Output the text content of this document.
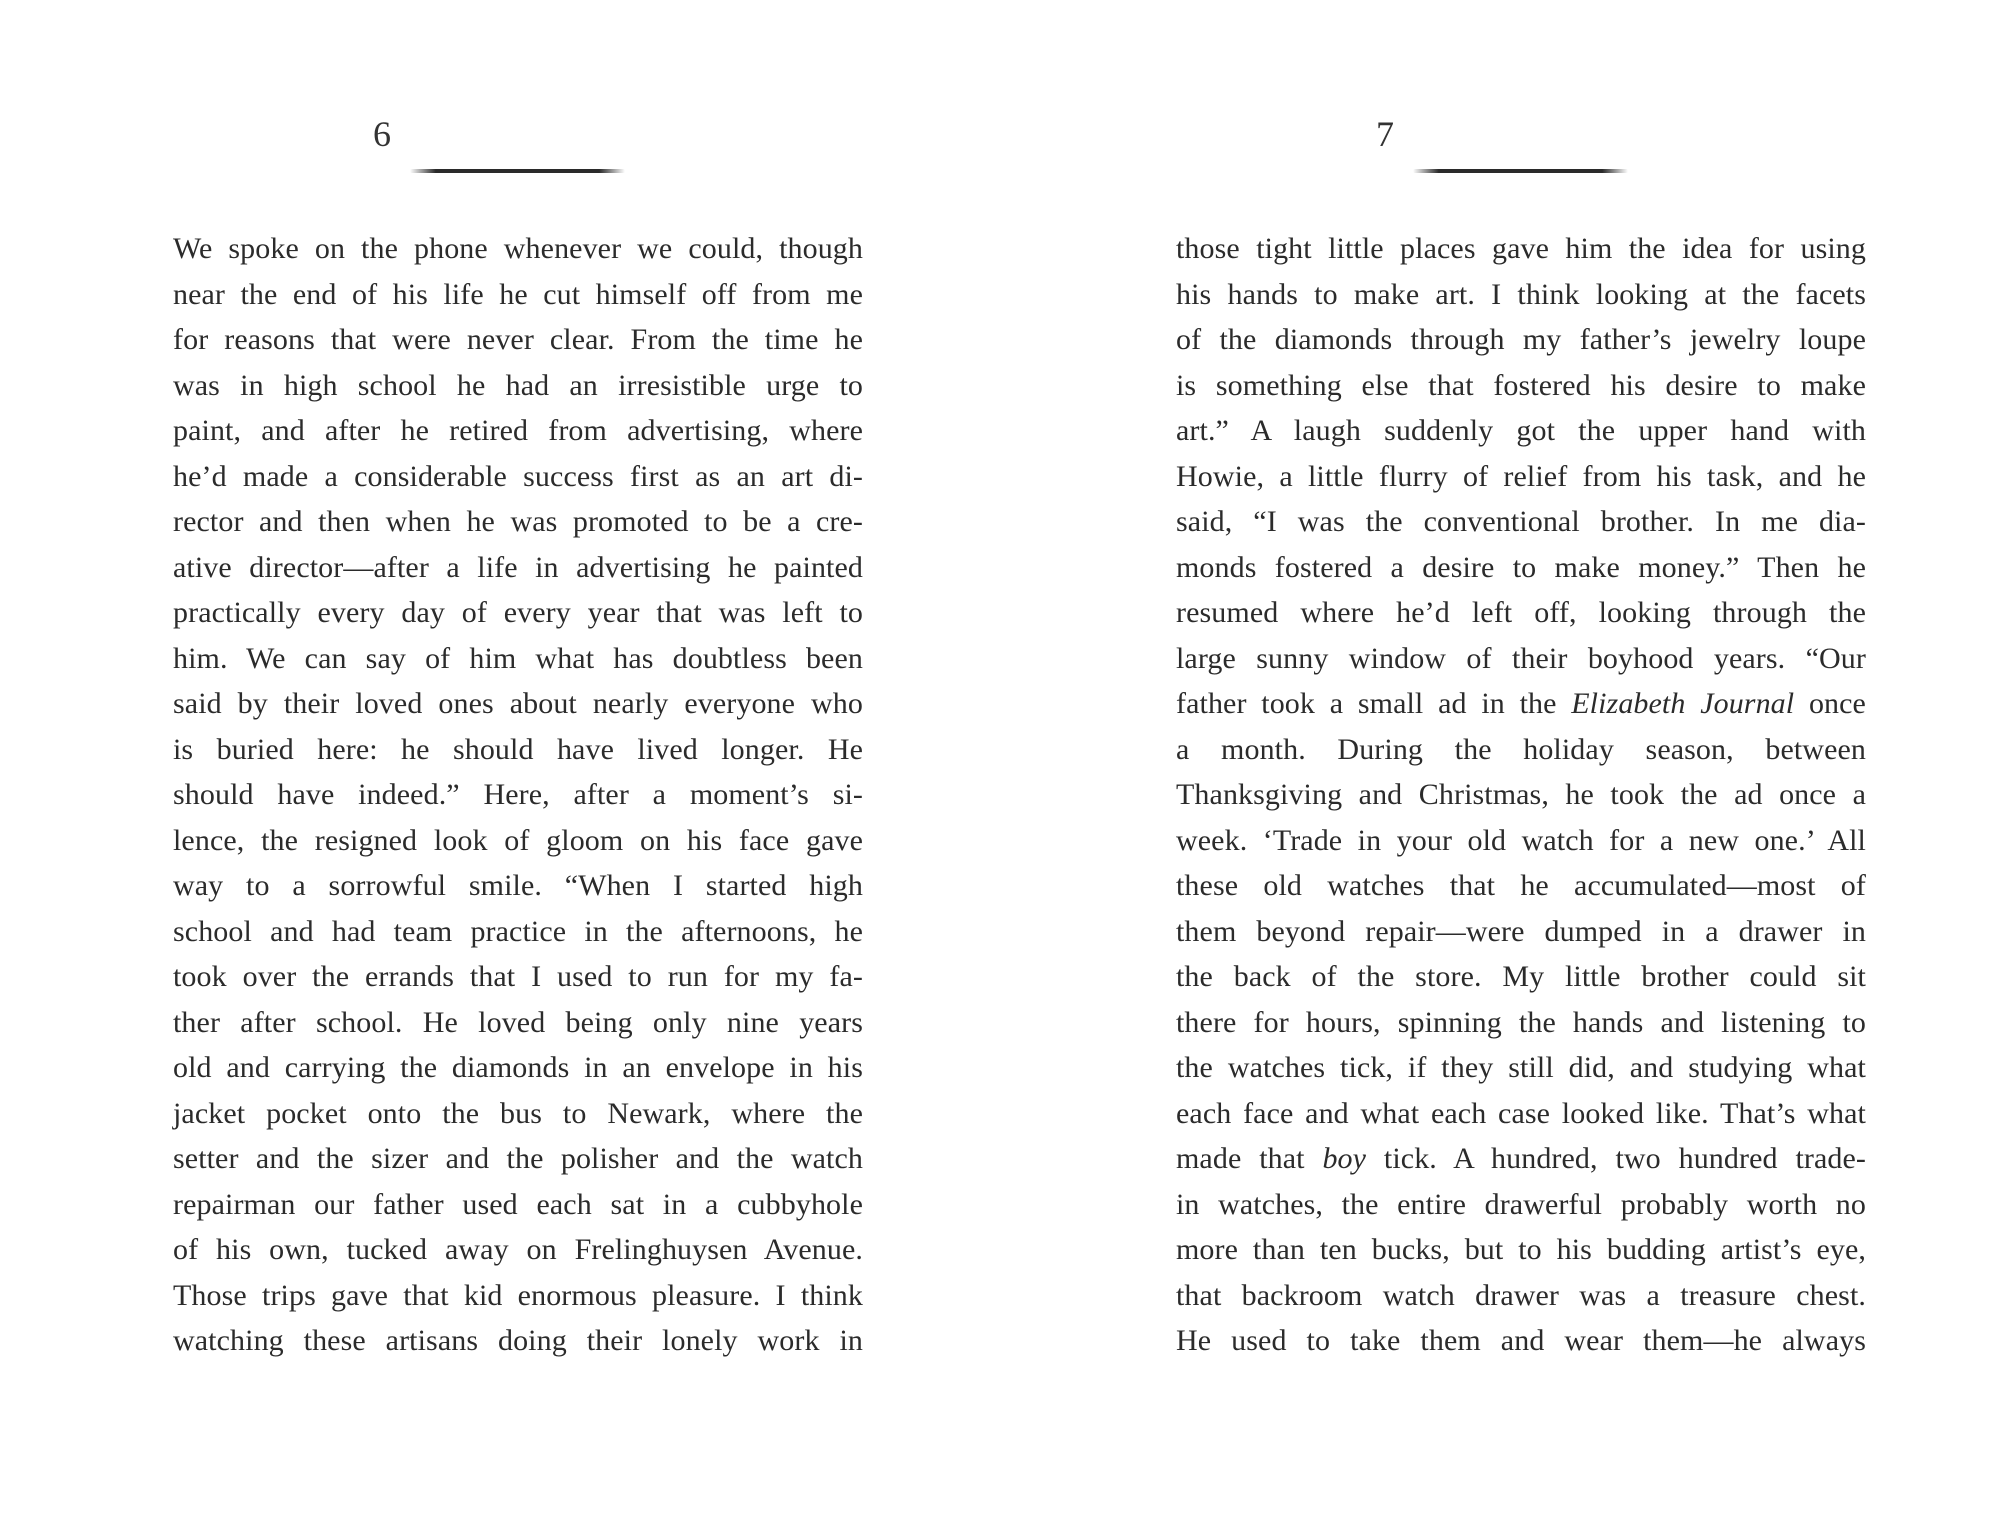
6
We spoke on the phone whenever we could, though
near the end of his life he cut himself off from me
for reasons that were never clear. From the time he
was in high school he had an irresistible urge to
paint, and after he retired from advertising, where
he’d made a considerable success first as an art di-
rector and then when he was promoted to be a cre-
ative director—after a life in advertising he painted
practically every day of every year that was left to
him. We can say of him what has doubtless been
said by their loved ones about nearly everyone who
is buried here: he should have lived longer. He
should have indeed.” Here, after a moment’s si-
lence, the resigned look of gloom on his face gave
way to a sorrowful smile. “When I started high
school and had team practice in the afternoons, he
took over the errands that I used to run for my fa-
ther after school. He loved being only nine years
old and carrying the diamonds in an envelope in his
jacket pocket onto the bus to Newark, where the
setter and the sizer and the polisher and the watch
repairman our father used each sat in a cubbyhole
of his own, tucked away on Frelinghuysen Avenue.
Those trips gave that kid enormous pleasure. I think
watching these artisans doing their lonely work in
7
those tight little places gave him the idea for using
his hands to make art. I think looking at the facets
of the diamonds through my father’s jewelry loupe
is something else that fostered his desire to make
art.” A laugh suddenly got the upper hand with
Howie, a little flurry of relief from his task, and he
said, “I was the conventional brother. In me dia-
monds fostered a desire to make money.” Then he
resumed where he’d left off, looking through the
large sunny window of their boyhood years. “Our
father took a small ad in the Elizabeth Journal once
a month. During the holiday season, between
Thanksgiving and Christmas, he took the ad once a
week. ‘Trade in your old watch for a new one.’ All
these old watches that he accumulated—most of
them beyond repair—were dumped in a drawer in
the back of the store. My little brother could sit
there for hours, spinning the hands and listening to
the watches tick, if they still did, and studying what
each face and what each case looked like. That’s what
made that boy tick. A hundred, two hundred trade-
in watches, the entire drawerful probably worth no
more than ten bucks, but to his budding artist’s eye,
that backroom watch drawer was a treasure chest.
He used to take them and wear them—he always
